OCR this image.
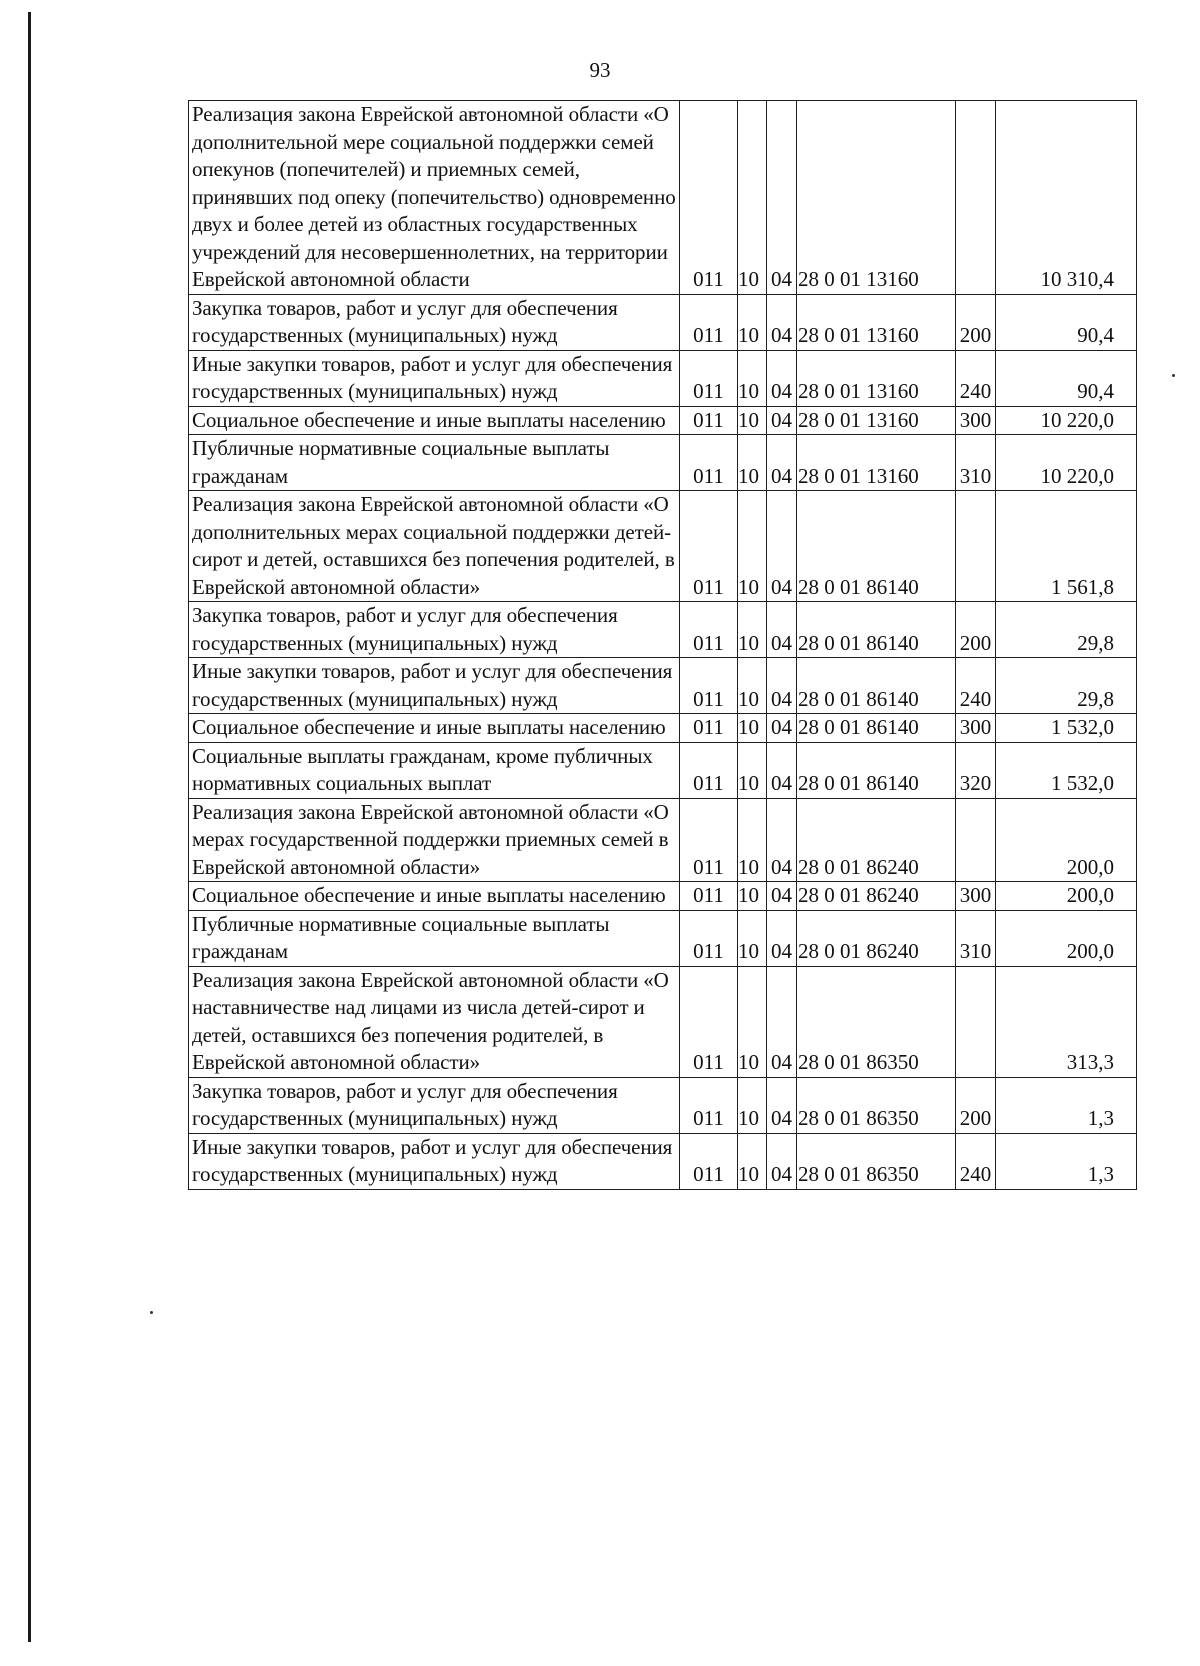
93
Реализация закона Еврейской автономной области «О дополнительной мере социальной поддержки семей опекунов (попечителей) и приемных семей, принявших под опеку (попечительство) одновременно двух и более детей из областных государственных учреждений для несовершеннолетних, на территории Еврейской автономной области	011	10	04	28 0 01 13160		10 310,4
Закупка товаров, работ и услуг для обеспечения государственных (муниципальных) нужд	011	10	04	28 0 01 13160	200	90,4
Иные закупки товаров, работ и услуг для обеспечения государственных (муниципальных) нужд	011	10	04	28 0 01 13160	240	90,4
Социальное обеспечение и иные выплаты населению	011	10	04	28 0 01 13160	300	10 220,0
Публичные нормативные социальные выплаты гражданам	011	10	04	28 0 01 13160	310	10 220,0
Реализация закона Еврейской автономной области «О дополнительных мерах социальной поддержки детей-сирот и детей, оставшихся без попечения родителей, в Еврейской автономной области»	011	10	04	28 0 01 86140		1 561,8
Закупка товаров, работ и услуг для обеспечения государственных (муниципальных) нужд	011	10	04	28 0 01 86140	200	29,8
Иные закупки товаров, работ и услуг для обеспечения государственных (муниципальных) нужд	011	10	04	28 0 01 86140	240	29,8
Социальное обеспечение и иные выплаты населению	011	10	04	28 0 01 86140	300	1 532,0
Социальные выплаты гражданам, кроме публичных нормативных социальных выплат	011	10	04	28 0 01 86140	320	1 532,0
Реализация закона Еврейской автономной области «О мерах государственной поддержки приемных семей в Еврейской автономной области»	011	10	04	28 0 01 86240		200,0
Социальное обеспечение и иные выплаты населению	011	10	04	28 0 01 86240	300	200,0
Публичные нормативные социальные выплаты гражданам	011	10	04	28 0 01 86240	310	200,0
Реализация закона Еврейской автономной области «О наставничестве над лицами из числа детей-сирот и детей, оставшихся без попечения родителей, в Еврейской автономной области»	011	10	04	28 0 01 86350		313,3
Закупка товаров, работ и услуг для обеспечения государственных (муниципальных) нужд	011	10	04	28 0 01 86350	200	1,3
Иные закупки товаров, работ и услуг для обеспечения государственных (муниципальных) нужд	011	10	04	28 0 01 86350	240	1,3
